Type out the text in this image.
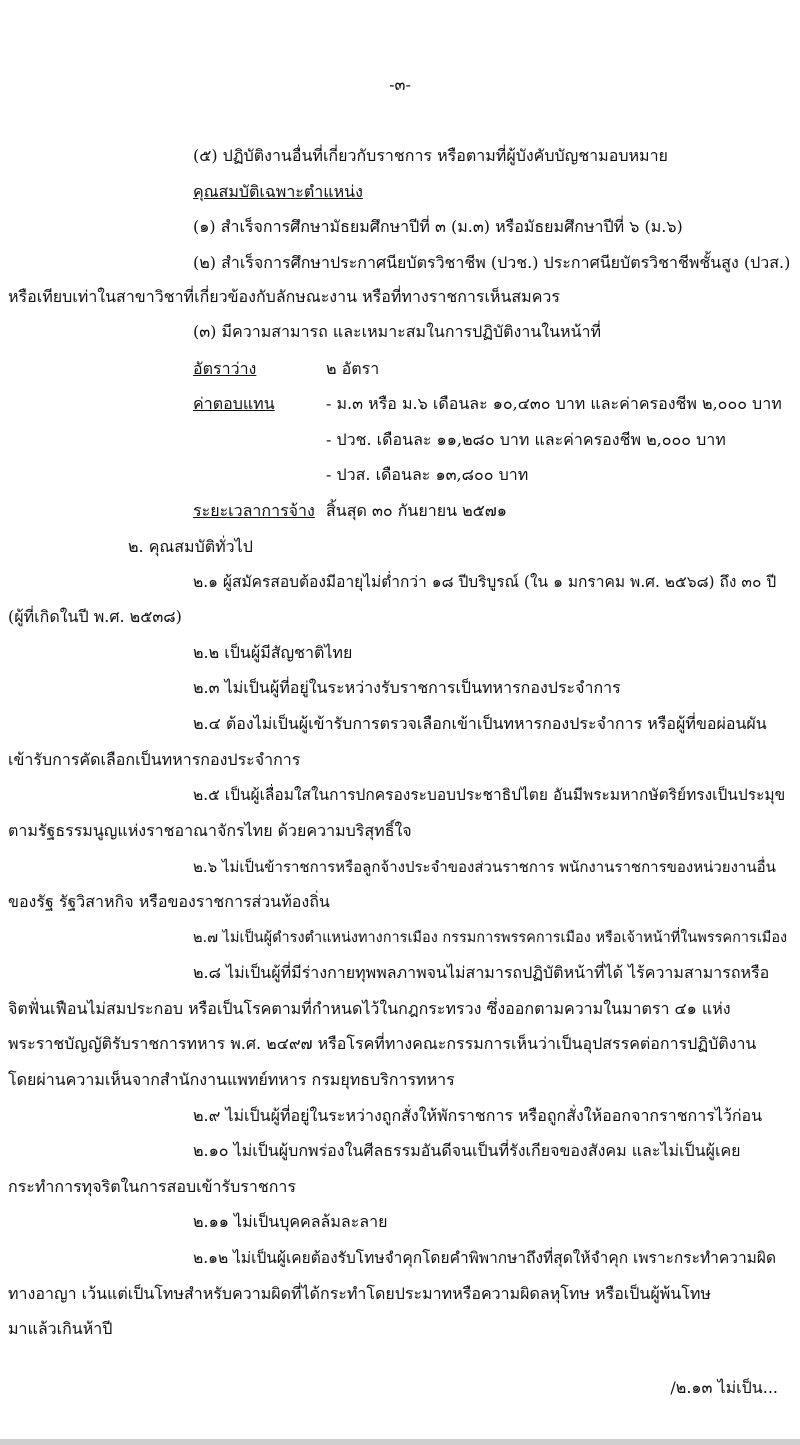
-๓-
(๕) ปฏิบัติงานอื่นที่เกี่ยวกับราชการ หรือตามที่ผู้บังคับบัญชามอบหมาย
คุณสมบัติเฉพาะตำแหน่ง
(๑) สำเร็จการศึกษามัธยมศึกษาปีที่ ๓ (ม.๓) หรือมัธยมศึกษาปีที่ ๖ (ม.๖)
(๒) สำเร็จการศึกษาประกาศนียบัตรวิชาชีพ (ปวช.) ประกาศนียบัตรวิชาชีพชั้นสูง (ปวส.)
หรือเทียบเท่าในสาขาวิชาที่เกี่ยวข้องกับลักษณะงาน หรือที่ทางราชการเห็นสมควร
(๓) มีความสามารถ และเหมาะสมในการปฏิบัติงานในหน้าที่
อัตราว่าง	๒ อัตรา
ค่าตอบแทน	- ม.๓ หรือ ม.๖ เดือนละ ๑๐,๔๓๐ บาท และค่าครองชีพ ๒,๐๐๐ บาท
- ปวช. เดือนละ ๑๑,๒๘๐ บาท และค่าครองชีพ ๒,๐๐๐ บาท
- ปวส. เดือนละ ๑๓,๘๐๐ บาท
ระยะเวลาการจ้าง สิ้นสุด ๓๐ กันยายน ๒๕๗๑
๒. คุณสมบัติทั่วไป
๒.๑ ผู้สมัครสอบต้องมีอายุไม่ต่ำกว่า ๑๘ ปีบริบูรณ์ (ใน ๑ มกราคม พ.ศ. ๒๕๖๘) ถึง ๓๐ ปี
(ผู้ที่เกิดในปี พ.ศ. ๒๕๓๘)
๒.๒ เป็นผู้มีสัญชาติไทย
๒.๓ ไม่เป็นผู้ที่อยู่ในระหว่างรับราชการเป็นทหารกองประจำการ
๒.๔ ต้องไม่เป็นผู้เข้ารับการตรวจเลือกเข้าเป็นทหารกองประจำการ หรือผู้ที่ขอผ่อนผัน
เข้ารับการคัดเลือกเป็นทหารกองประจำการ
๒.๕ เป็นผู้เลื่อมใสในการปกครองระบอบประชาธิปไตย อันมีพระมหากษัตริย์ทรงเป็นประมุข
ตามรัฐธรรมนูญแห่งราชอาณาจักรไทย ด้วยความบริสุทธิ์ใจ
๒.๖ ไม่เป็นข้าราชการหรือลูกจ้างประจำของส่วนราชการ พนักงานราชการของหน่วยงานอื่น
ของรัฐ รัฐวิสาหกิจ หรือของราชการส่วนท้องถิ่น
๒.๗ ไม่เป็นผู้ดำรงตำแหน่งทางการเมือง กรรมการพรรคการเมือง หรือเจ้าหน้าที่ในพรรคการเมือง
๒.๘ ไม่เป็นผู้ที่มีร่างกายทุพพลภาพจนไม่สามารถปฏิบัติหน้าที่ได้ ไร้ความสามารถหรือ
จิตฟั่นเฟือนไม่สมประกอบ หรือเป็นโรคตามที่กำหนดไว้ในกฎกระทรวง ซึ่งออกตามความในมาตรา ๔๑ แห่ง
พระราชบัญญัติรับราชการทหาร พ.ศ. ๒๔๙๗ หรือโรคที่ทางคณะกรรมการเห็นว่าเป็นอุปสรรคต่อการปฏิบัติงาน
โดยผ่านความเห็นจากสำนักงานแพทย์ทหาร กรมยุทธบริการทหาร
๒.๙ ไม่เป็นผู้ที่อยู่ในระหว่างถูกสั่งให้พักราชการ หรือถูกสั่งให้ออกจากราชการไว้ก่อน
๒.๑๐ ไม่เป็นผู้บกพร่องในศีลธรรมอันดีจนเป็นที่รังเกียจของสังคม และไม่เป็นผู้เคย
กระทำการทุจริตในการสอบเข้ารับราชการ
๒.๑๑ ไม่เป็นบุคคลล้มละลาย
๒.๑๒ ไม่เป็นผู้เคยต้องรับโทษจำคุกโดยคำพิพากษาถึงที่สุดให้จำคุก เพราะกระทำความผิด
ทางอาญา เว้นแต่เป็นโทษสำหรับความผิดที่ได้กระทำโดยประมาทหรือความผิดลหุโทษ หรือเป็นผู้พ้นโทษ
มาแล้วเกินห้าปี
/๒.๑๓ ไม่เป็น...
